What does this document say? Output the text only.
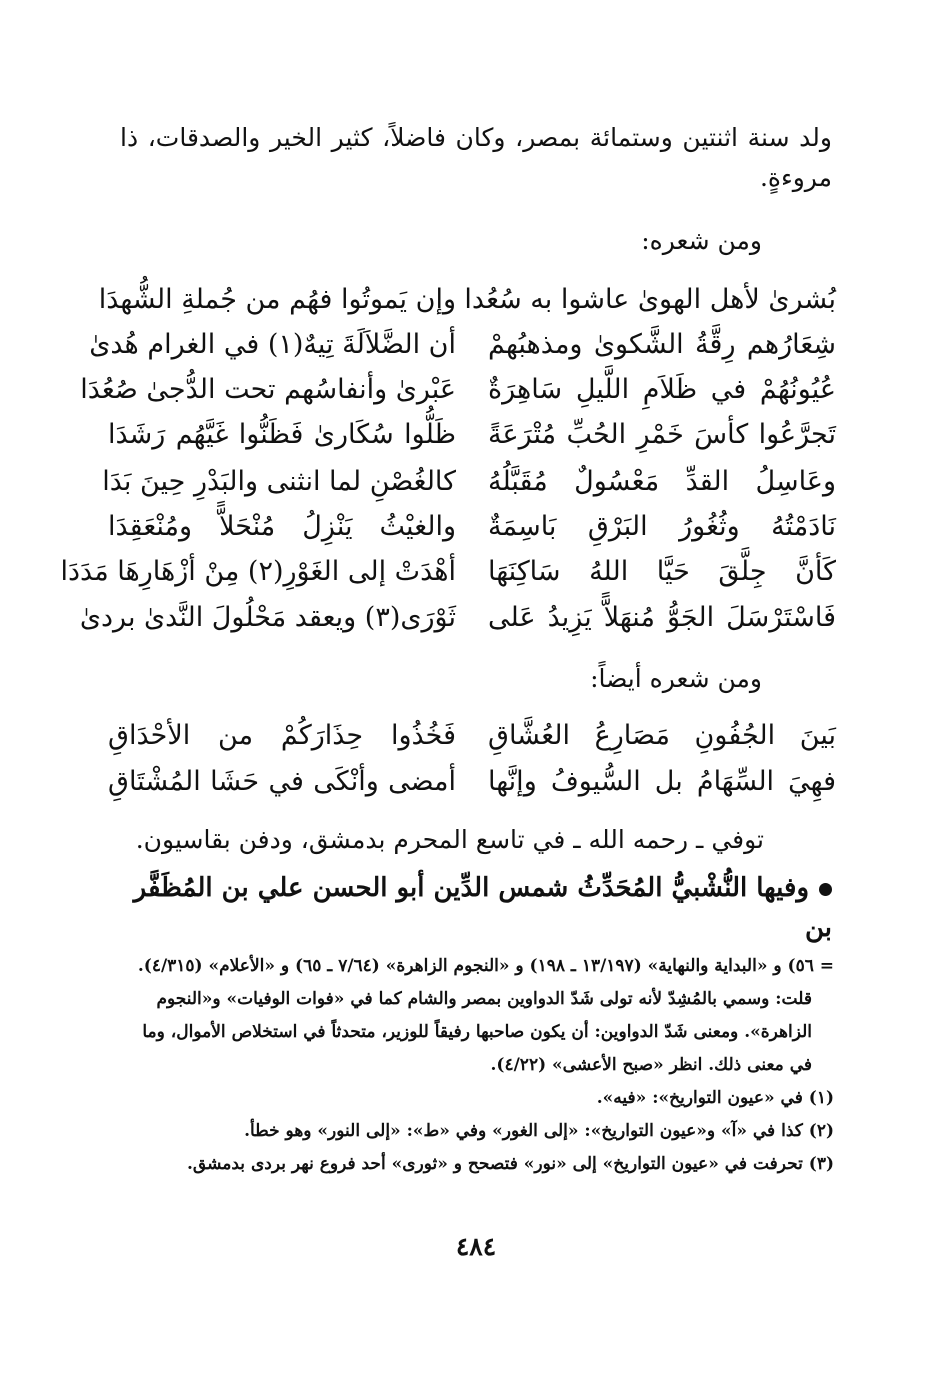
ولد سنة اثنتين وستمائة بمصر، وكان فاضلاً، كثير الخير والصدقات، ذا مروءةٍ.

ومن شعره:
بُشرىٰ لأهل الهوىٰ عاشوا به سُعُدا
وإن يَموتُوا فهُم من جُملةِ الشُّهدَا
شِعَارُهم رِقَّةُ الشَّكوىٰ ومذهبُهمْ
أن الضَّلاَلَةَ تِيهٌ(١) في الغرام هُدىٰ
عُيُونُهُمْ في ظَلاَمِ اللَّيلِ سَاهِرَةٌ
عَبْرىٰ وأنفاسُهم تحت الدُّجىٰ صُعُدَا
تَجرَّعُوا كأسَ خَمْرِ الحُبِّ مُتْرَعَةً
ظَلُّوا سُكَارىٰ فَظَنُّوا غَيَّهُم رَشَدَا
وعَاسِلُ القدِّ مَعْسُولٌ مُقَبَّلُهُ
كالغُصْنِ لما انثنى والبَدْرِ حِينَ بَدَا
نَادَمْتُهُ وثُغُورُ البَرْقِ بَاسِمَةٌ
والغيْثُ يَنْزِلُ مُنْحَلاًّ ومُنْعَقِدَا
كَأنَّ جِلَّقَ حَيَّا اللهُ سَاكِنَهَا
أهْدَتْ إلى الغَوْرِ(٢) مِنْ أزْهَارِهَا مَدَدَا
فَاسْتَرْسَلَ الجَوُّ مُنهَلاًّ يَزِيدُ عَلى
ثَوْرَى(٣) ويعقد مَحْلُولَ النَّدىٰ بردىٰ
ومن شعره أيضاً:
بَينَ الجُفُونِ مَصَارِعُ العُشَّاقِ
فَخُذُوا حِذَارَكُمْ من الأحْدَاقِ
فهِيَ السِّهَامُ بل السُّيوفُ وإنَّها
أمضى وأنْكَى في حَشَا المُشْتَاقِ
توفي ـ رحمه الله ـ في تاسع المحرم بدمشق، ودفن بقاسيون.
وفيها النُّشْبيُّ المُحَدِّثُ شمس الدِّين أبو الحسن علي بن المُظَفَّر بن

= ٥٦) و «البداية والنهاية» (١٣/١٩٧ ـ ١٩٨) و «النجوم الزاهرة» (٧/٦٤ ـ ٦٥) و «الأعلام» (٤/٣١٥).

قلت: وسمي بالمُشِدّ لأنه تولى شَدّ الدواوين بمصر والشام كما في «فوات الوفيات» و«النجوم الزاهرة». ومعنى شَدّ الدواوين: أن يكون صاحبها رفيقاً للوزير، متحدثاً في استخلاص الأموال، وما في معنى ذلك. انظر «صبح الأعشى» (٤/٢٢).

(١) في «عيون التواريخ»: «فيه».

(٢) كذا في «آ» و«عيون التواريخ»: «إلى الغور» وفي «ط»: «إلى النور» وهو خطأ.

(٣) تحرفت في «عيون التواريخ» إلى «نور» فتصحح و «ثورى» أحد فروع نهر بردى بدمشق.

٤٨٤
